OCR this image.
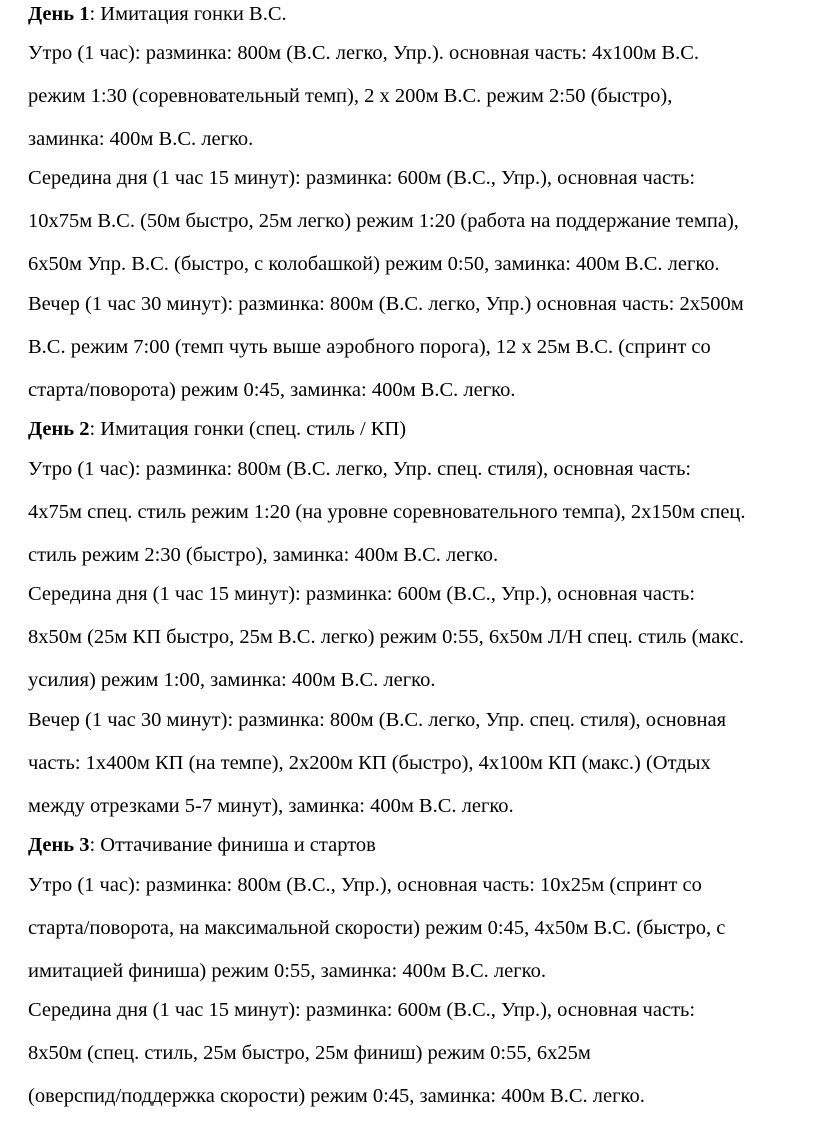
День 1: Имитация гонки В.С.
Утро (1 час): разминка: 800м (В.С. легко, Упр.). основная часть: 4х100м В.С.
режим 1:30 (соревновательный темп), 2 х 200м В.С. режим 2:50 (быстро),
заминка: 400м В.С. легко.
Середина дня (1 час 15 минут): разминка: 600м (В.С., Упр.), основная часть:
10х75м В.С. (50м быстро, 25м легко) режим 1:20 (работа на поддержание темпа),
6х50м Упр. В.С. (быстро, с колобашкой) режим 0:50, заминка: 400м В.С. легко.
Вечер (1 час 30 минут): разминка: 800м (В.С. легко, Упр.) основная часть: 2х500м
В.С. режим 7:00 (темп чуть выше аэробного порога), 12 х 25м В.С. (спринт со
старта/поворота) режим 0:45, заминка: 400м В.С. легко.
День 2: Имитация гонки (спец. стиль / КП)
Утро (1 час): разминка: 800м (В.С. легко, Упр. спец. стиля), основная часть:
4х75м спец. стиль режим 1:20 (на уровне соревновательного темпа), 2х150м спец.
стиль режим 2:30 (быстро), заминка: 400м В.С. легко.
Середина дня (1 час 15 минут): разминка: 600м (В.С., Упр.), основная часть:
8х50м (25м КП быстро, 25м В.С. легко) режим 0:55, 6х50м Л/Н спец. стиль (макс.
усилия) режим 1:00, заминка: 400м В.С. легко.
Вечер (1 час 30 минут): разминка: 800м (В.С. легко, Упр. спец. стиля), основная
часть: 1х400м КП (на темпе), 2х200м КП (быстро), 4х100м КП (макс.) (Отдых
между отрезками 5-7 минут), заминка: 400м В.С. легко.
День 3: Оттачивание финиша и стартов
Утро (1 час): разминка: 800м (В.С., Упр.), основная часть: 10х25м (спринт со
старта/поворота, на максимальной скорости) режим 0:45, 4х50м В.С. (быстро, с
имитацией финиша) режим 0:55, заминка: 400м В.С. легко.
Середина дня (1 час 15 минут): разминка: 600м (В.С., Упр.), основная часть:
8х50м (спец. стиль, 25м быстро, 25м финиш) режим 0:55, 6х25м
(оверспид/поддержка скорости) режим 0:45, заминка: 400м В.С. легко.
